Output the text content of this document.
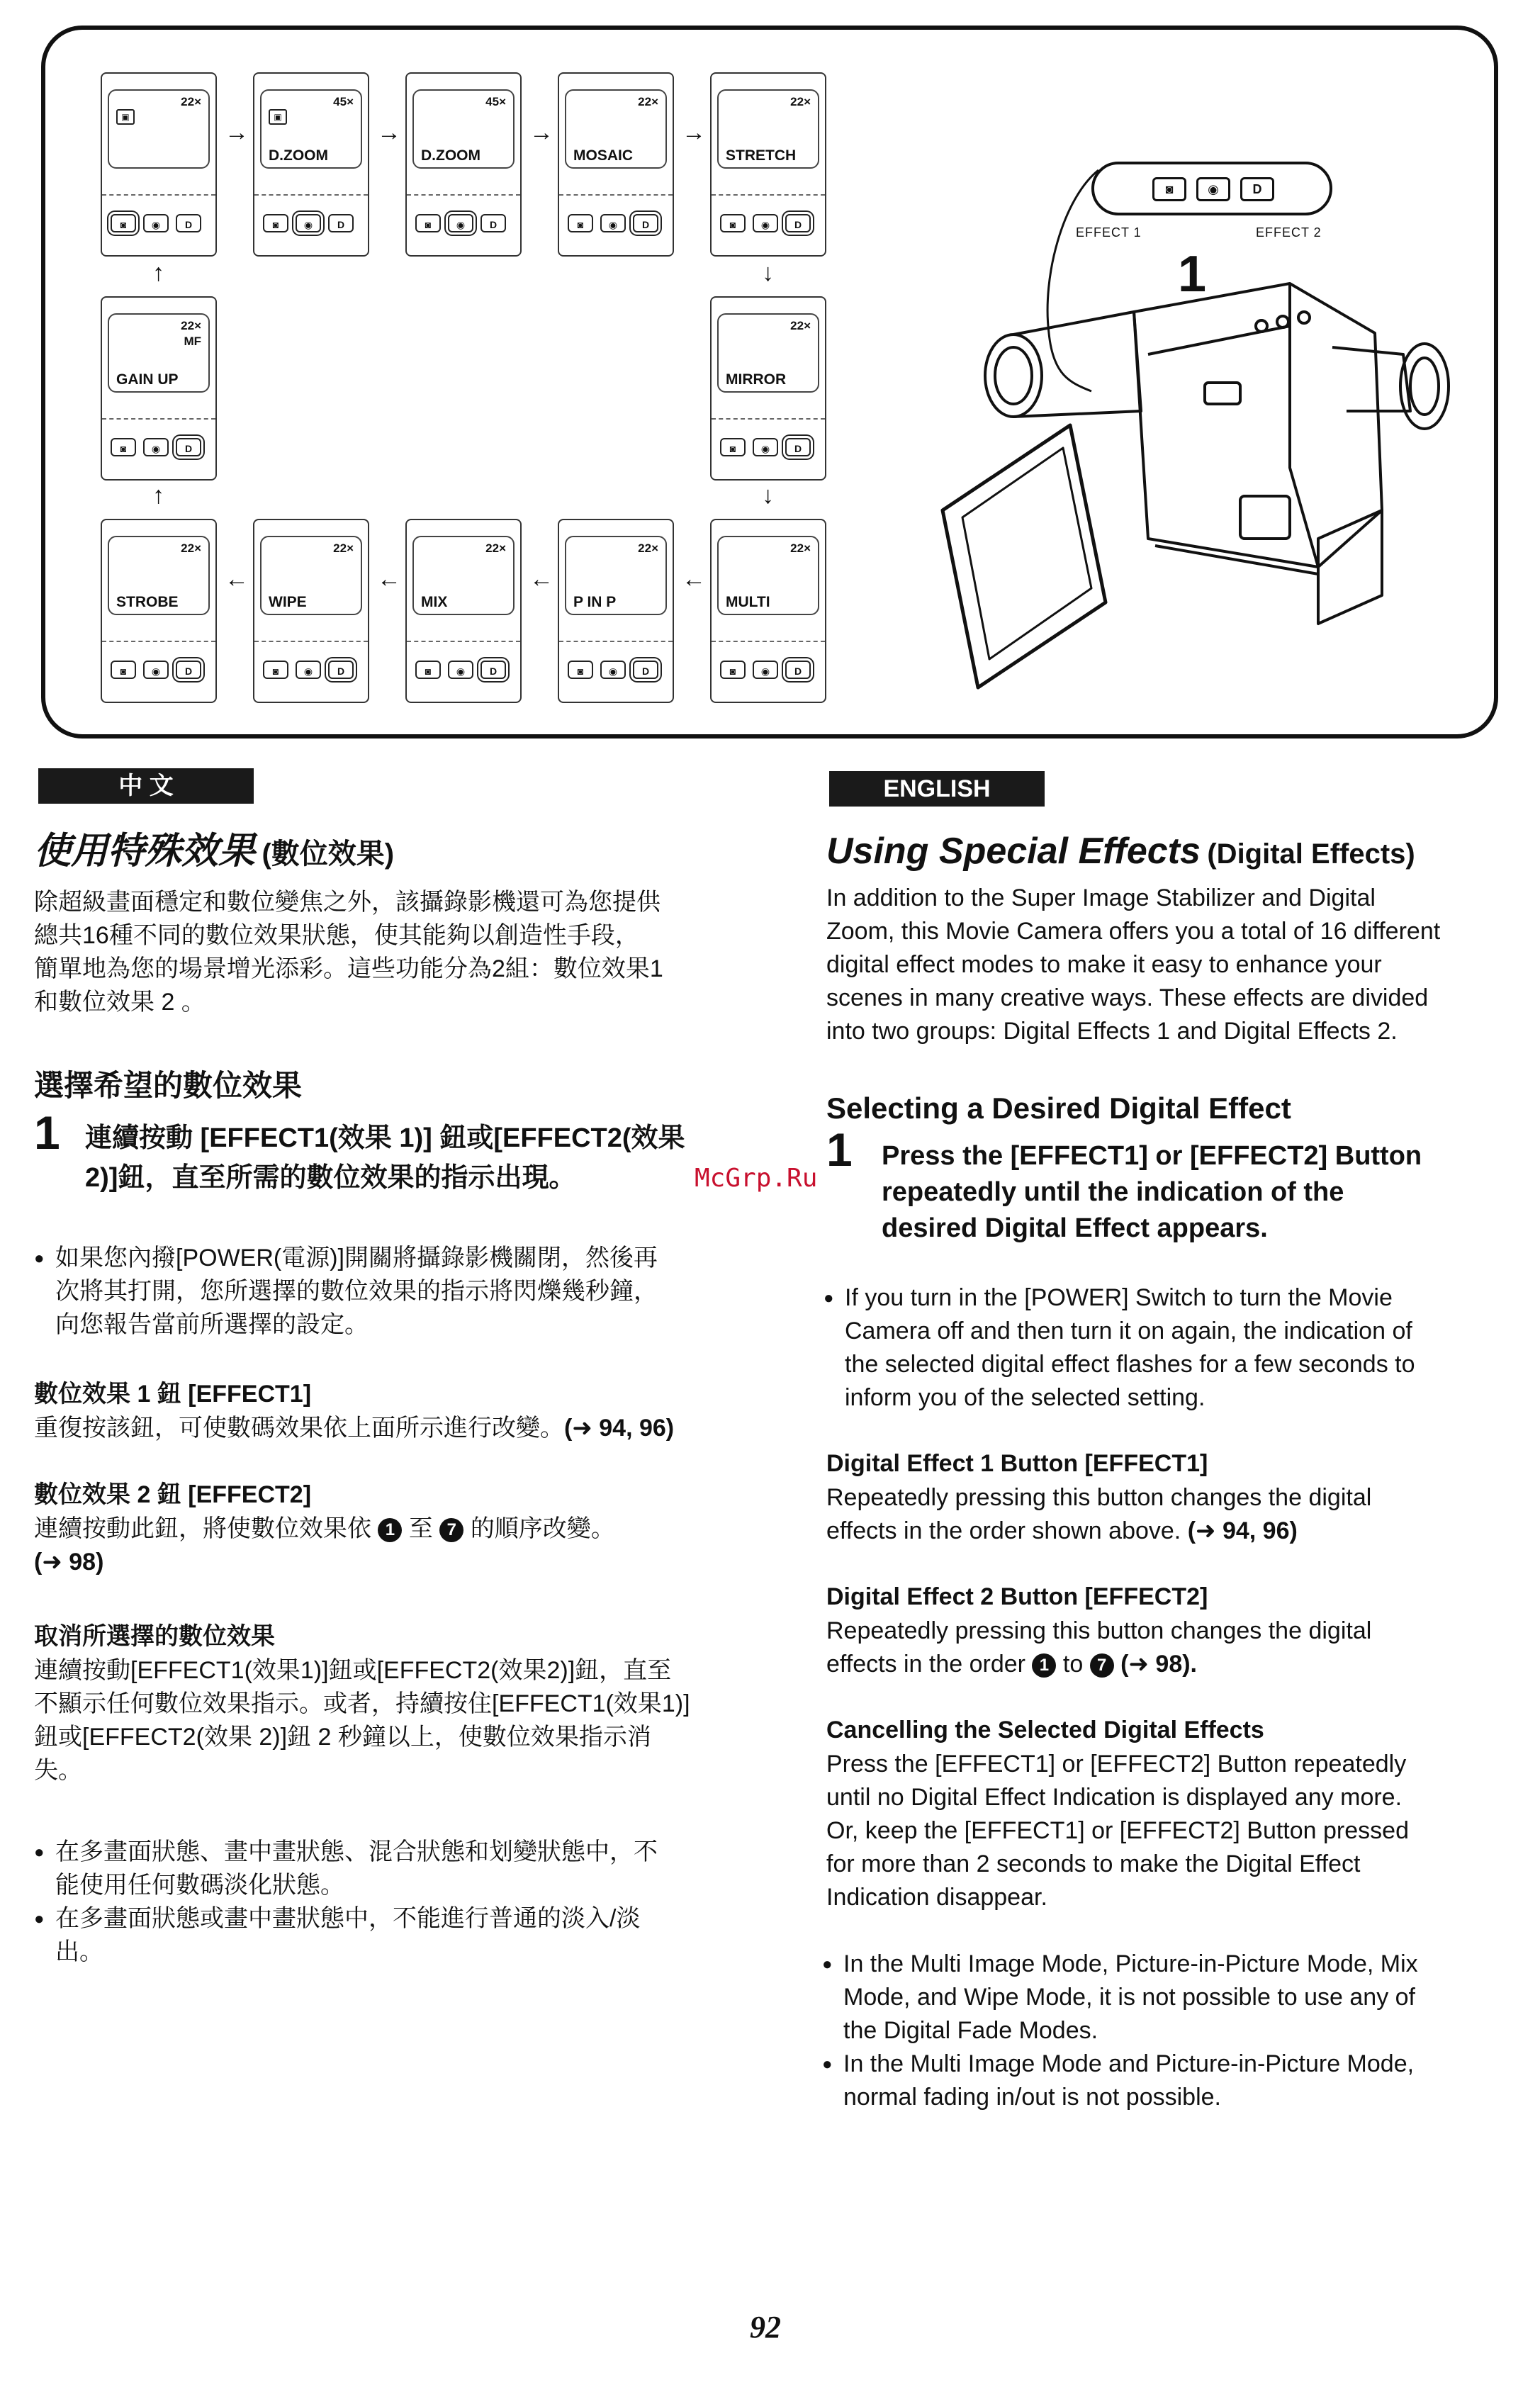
22×
▣
◙	◉	D
45×
▣
D.ZOOM
◙	◉	D
45×
D.ZOOM
◙	◉	D
22×
MOSAIC
◙	◉	D
22×
STRETCH
◙	◉	D
22×
MIRROR
◙	◉	D
22×
MULTI
◙	◉	D
22×
P IN P
◙	◉	D
22×
MIX
◙	◉	D
22×
WIPE
◙	◉	D
22×
STROBE
◙	◉	D
22×
MF
GAIN UP
◙	◉	D
→	→	→	→
↓
↓
←
←
←
←
↑
↑
◙	◉	D
EFFECT 1	EFFECT 2
1
中 文
使用特殊效果 (數位效果)
除超級畫面穩定和數位變焦之外，該攝錄影機還可為您提供
總共16種不同的數位效果狀態，使其能夠以創造性手段，
簡單地為您的場景增光添彩。這些功能分為2組：數位效果1
和數位效果 2 。
選擇希望的數位效果
1 連續按動 [EFFECT1(效果 1)] 鈕或[EFFECT2(效果
2)]鈕，直至所需的數位效果的指示出現。
● 如果您內撥[POWER(電源)]開關將攝錄影機關閉，然後再
次將其打開，您所選擇的數位效果的指示將閃爍幾秒鐘，
向您報告當前所選擇的設定。
數位效果 1 鈕 [EFFECT1]
重復按該鈕，可使數碼效果依上面所示進行改變。(➜ 94, 96)
數位效果 2 鈕 [EFFECT2]
連續按動此鈕，將使數位效果依 1 至 7 的順序改變。
(➜ 98)
取消所選擇的數位效果
連續按動[EFFECT1(效果1)]鈕或[EFFECT2(效果2)]鈕，直至
不顯示任何數位效果指示。或者，持續按住[EFFECT1(效果1)]
鈕或[EFFECT2(效果 2)]鈕 2 秒鐘以上，使數位效果指示消
失。
● 在多畫面狀態、畫中畫狀態、混合狀態和划變狀態中，不
能使用任何數碼淡化狀態。
● 在多畫面狀態或畫中畫狀態中，不能進行普通的淡入/淡
出。
ENGLISH
Using Special Effects (Digital Effects)
In addition to the Super Image Stabilizer and Digital
Zoom, this Movie Camera offers you a total of 16 different
digital effect modes to make it easy to enhance your
scenes in many creative ways. These effects are divided
into two groups: Digital Effects 1 and Digital Effects 2.
Selecting a Desired Digital Effect
1 Press the [EFFECT1] or [EFFECT2] Button
repeatedly until the indication of the
desired Digital Effect appears.
● If you turn in the [POWER] Switch to turn the Movie
Camera off and then turn it on again, the indication of
the selected digital effect flashes for a few seconds to
inform you of the selected setting.
Digital Effect 1 Button [EFFECT1]
Repeatedly pressing this button changes the digital
effects in the order shown above. (➜ 94, 96)
Digital Effect 2 Button [EFFECT2]
Repeatedly pressing this button changes the digital
effects in the order 1 to 7 (➜ 98).
Cancelling the Selected Digital Effects
Press the [EFFECT1] or [EFFECT2] Button repeatedly
until no Digital Effect Indication is displayed any more.
Or, keep the [EFFECT1] or [EFFECT2] Button pressed
for more than 2 seconds to make the Digital Effect
Indication disappear.
● In the Multi Image Mode, Picture-in-Picture Mode, Mix
Mode, and Wipe Mode, it is not possible to use any of
the Digital Fade Modes.
● In the Multi Image Mode and Picture-in-Picture Mode,
normal fading in/out is not possible.
McGrp.Ru
92
